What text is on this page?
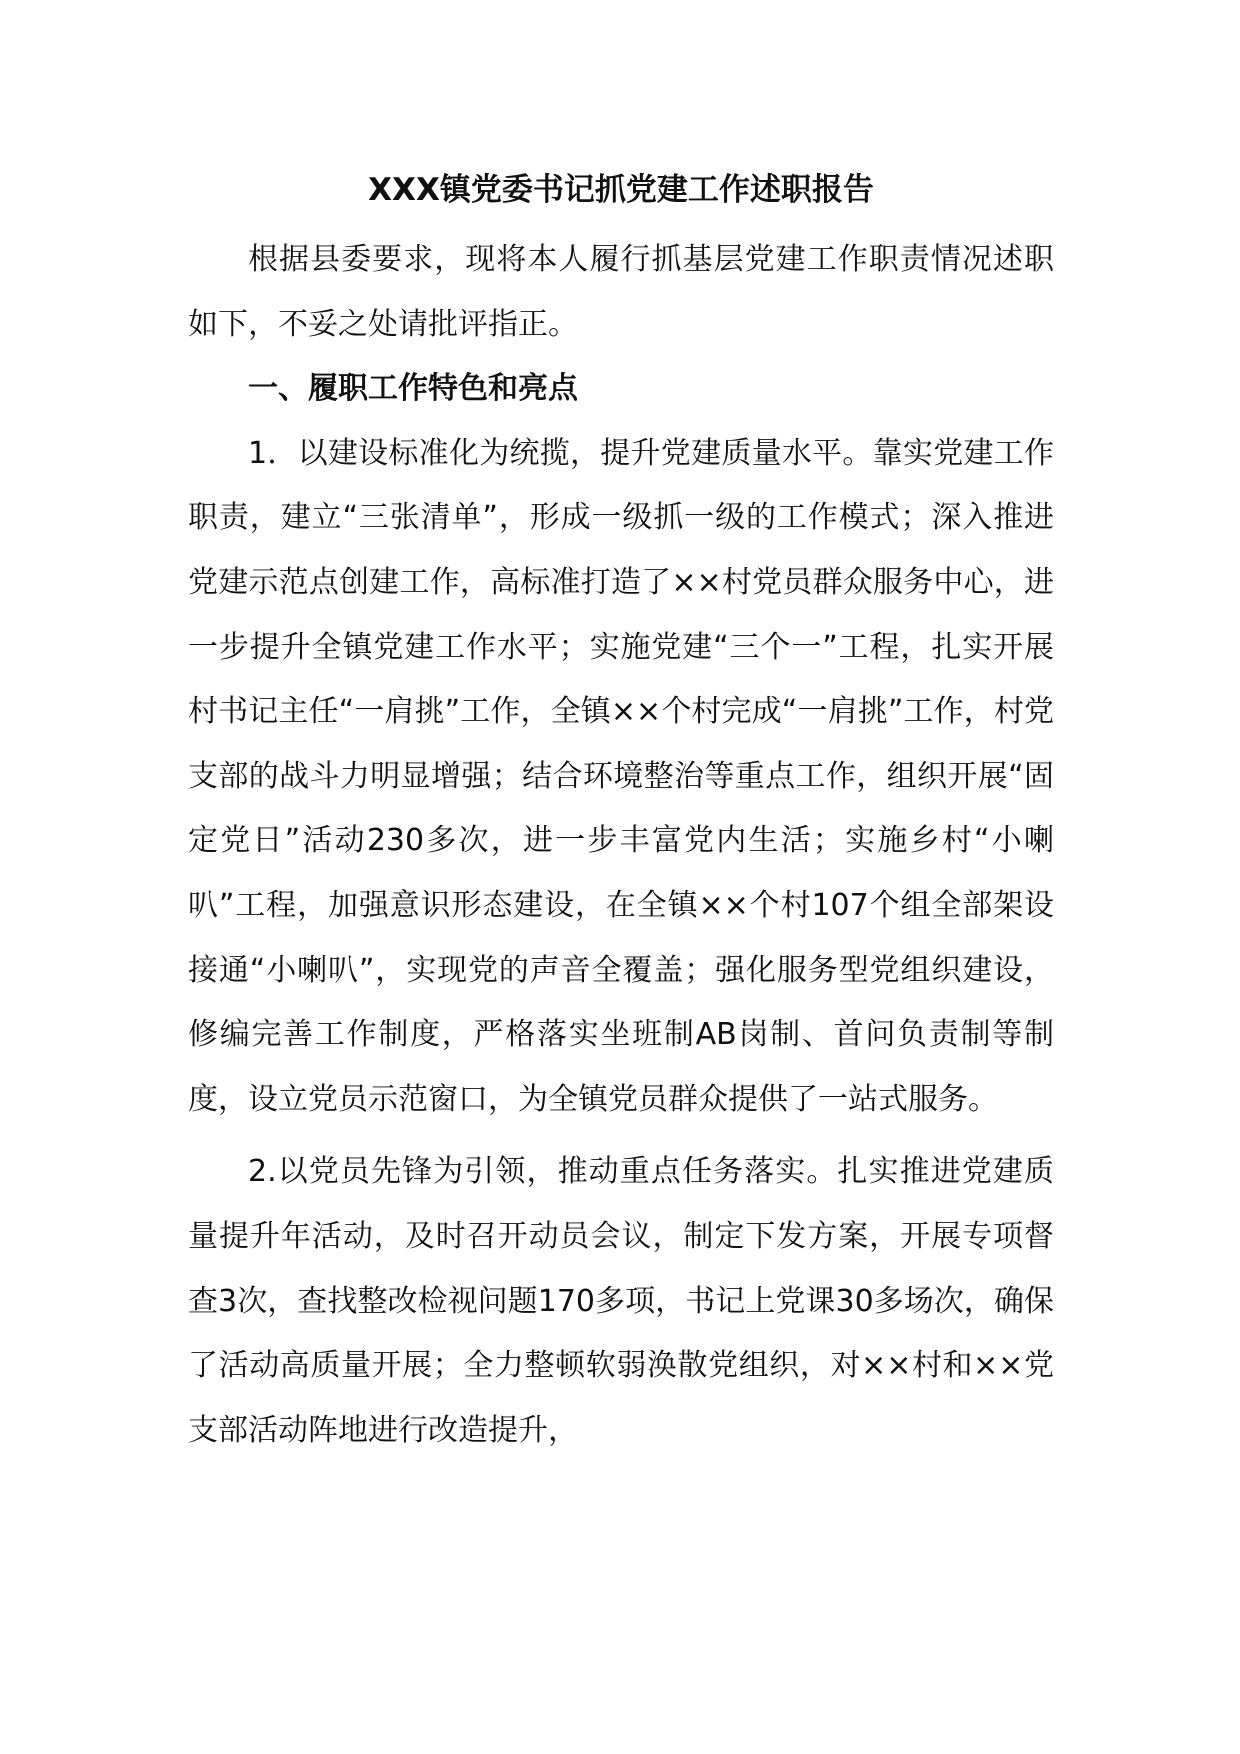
XXX镇党委书记抓党建工作述职报告

根据县委要求，现将本人履行抓基层党建工作职责情况述职如下，不妥之处请批评指正。

一、履职工作特色和亮点

1．以建设标准化为统揽，提升党建质量水平。靠实党建工作职责，建立“三张清单”，形成一级抓一级的工作模式；深入推进党建示范点创建工作，高标准打造了××村党员群众服务中心，进一步提升全镇党建工作水平；实施党建“三个一”工程，扎实开展村书记主任“一肩挑”工作，全镇××个村完成“一肩挑”工作，村党支部的战斗力明显增强；结合环境整治等重点工作，组织开展“固定党日”活动230多次，进一步丰富党内生活；实施乡村“小喇叭”工程，加强意识形态建设，在全镇××个村107个组全部架设接通“小喇叭”，实现党的声音全覆盖；强化服务型党组织建设，修编完善工作制度，严格落实坐班制AB岗制、首问负责制等制度，设立党员示范窗口，为全镇党员群众提供了一站式服务。

2.以党员先锋为引领，推动重点任务落实。扎实推进党建质量提升年活动，及时召开动员会议，制定下发方案，开展专项督查3次，查找整改检视问题170多项，书记上党课30多场次，确保了活动高质量开展；全力整顿软弱涣散党组织，对××村和××党支部活动阵地进行改造提升，
